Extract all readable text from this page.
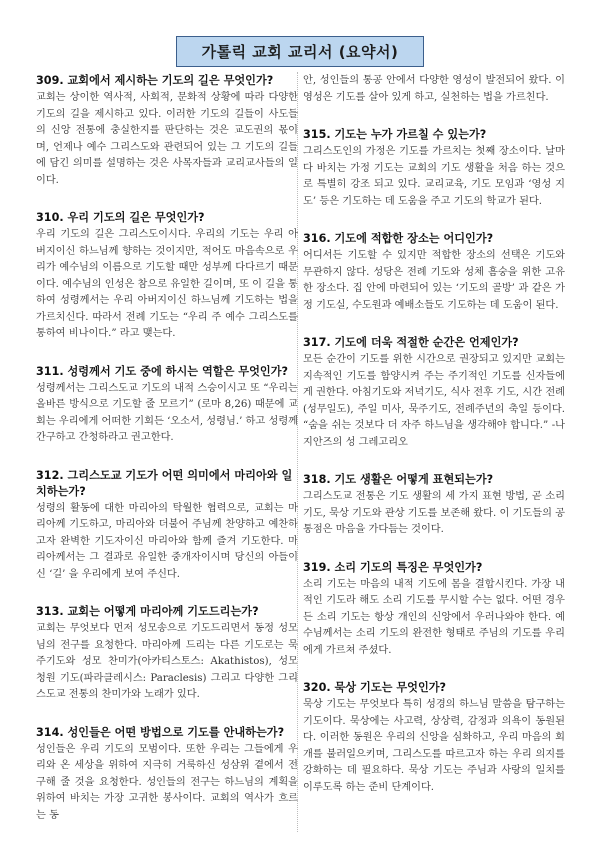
가톨릭 교회 교리서 (요약서)
309. 교회에서 제시하는 기도의 길은 무엇인가?
교회는 상이한 역사적, 사회적, 문화적 상황에 따라 다양한 기도의 길을 제시하고 있다. 이러한 기도의 길들이 사도들의 신앙 전통에 충실한지를 판단하는 것은 교도권의 몫이며, 언제나 예수 그리스도와 관련되어 있는 그 기도의 길들에 담긴 의미를 설명하는 것은 사목자들과 교리교사들의 일이다.
310. 우리 기도의 길은 무엇인가?
우리 기도의 길은 그리스도이시다. 우리의 기도는 우리 아버지이신 하느님께 향하는 것이지만, 적어도 마음속으로 우리가 예수님의 이름으로 기도할 때만 성부께 다다르기 때문이다. 예수님의 인성은 참으로 유일한 길이며, 또 이 길을 통하여 성령께서는 우리 아버지이신 하느님께 기도하는 법을 가르치신다. 따라서 전례 기도는 “우리 주 예수 그리스도를 통하여 비나이다.” 라고 맺는다.
311. 성령께서 기도 중에 하시는 역할은 무엇인가?
성령께서는 그리스도교 기도의 내적 스승이시고 또 “우리는 올바른 방식으로 기도할 줄 모르기” (로마 8,26) 때문에 교회는 우리에게 어떠한 기회든 ‘오소서, 성령님.’ 하고 성령께 간구하고 간청하라고 권고한다.
312. 그리스도교 기도가 어떤 의미에서 마리아와 일치하는가?
성령의 활동에 대한 마리아의 탁월한 협력으로, 교회는 마리아께 기도하고, 마리아와 더불어 주님께 찬양하고 예찬하고자 완벽한 기도자이신 마리아와 함께 즐겨 기도한다. 마리아께서는 그 결과로 유일한 중개자이시며 당신의 아들이신 ‘길’ 을 우리에게 보여 주신다.
313. 교회는 어떻게 마리아께 기도드리는가?
교회는 무엇보다 먼저 성모송으로 기도드리면서 동정 성모님의 전구를 요청한다. 마리아께 드리는 다른 기도로는 묵주기도와 성모 찬미가(아카티스토스: Akathistos), 성모 청원 기도(파라클레시스: Paraclesis) 그리고 다양한 그리스도교 전통의 찬미가와 노래가 있다.
314. 성인들은 어떤 방법으로 기도를 안내하는가?
성인들은 우리 기도의 모범이다. 또한 우리는 그들에게 우리와 온 세상을 위하여 지극히 거룩하신 성삼위 곁에서 전구해 줄 것을 요청한다. 성인들의 전구는 하느님의 계획을 위하여 바치는 가장 고귀한 봉사이다. 교회의 역사가 흐르는 동
안, 성인들의 통공 안에서 다양한 영성이 발전되어 왔다. 이 영성은 기도를 살아 있게 하고, 실천하는 법을 가르친다.
315. 기도는 누가 가르칠 수 있는가?
그리스도인의 가정은 기도를 가르치는 첫째 장소이다. 날마다 바치는 가정 기도는 교회의 기도 생활을 처음 하는 것으로 특별히 강조 되고 있다. 교리교육, 기도 모임과 ‘영성 지도’ 등은 기도하는 데 도움을 주고 기도의 학교가 된다.
316. 기도에 적합한 장소는 어디인가?
어디서든 기도할 수 있지만 적합한 장소의 선택은 기도와 무관하지 않다. 성당은 전례 기도와 성체 흠숭을 위한 고유한 장소다. 집 안에 마련되어 있는 ‘기도의 골방’ 과 같은 가정 기도실, 수도원과 예배소들도 기도하는 데 도움이 된다.
317. 기도에 더욱 적절한 순간은 언제인가?
모든 순간이 기도를 위한 시간으로 권장되고 있지만 교회는 지속적인 기도를 함양시켜 주는 주기적인 기도를 신자들에게 권한다. 아침기도와 저녁기도, 식사 전후 기도, 시간 전례(성무일도), 주일 미사, 묵주기도, 전례주년의 축일 등이다. “숨을 쉬는 것보다 더 자주 하느님을 생각해야 합니다.” -나지안즈의 성 그레고리오
318. 기도 생활은 어떻게 표현되는가?
그리스도교 전통은 기도 생활의 세 가지 표현 방법, 곧 소리 기도, 묵상 기도와 관상 기도를 보존해 왔다. 이 기도들의 공통점은 마음을 가다듬는 것이다.
319. 소리 기도의 특징은 무엇인가?
소리 기도는 마음의 내적 기도에 몸을 결합시킨다. 가장 내적인 기도라 해도 소리 기도를 무시할 수는 없다. 어떤 경우든 소리 기도는 항상 개인의 신앙에서 우러나와야 한다. 예수님께서는 소리 기도의 완전한 형태로 주님의 기도를 우리에게 가르쳐 주셨다.
320. 묵상 기도는 무엇인가?
묵상 기도는 무엇보다 특히 성경의 하느님 말씀을 탐구하는 기도이다. 묵상에는 사고력, 상상력, 감정과 의욕이 동원된다. 이러한 동원은 우리의 신앙을 심화하고, 우리 마음의 회개를 불러일으키며, 그리스도를 따르고자 하는 우리 의지를 강화하는 데 필요하다. 묵상 기도는 주님과 사랑의 일치를 이루도록 하는 준비 단계이다.
